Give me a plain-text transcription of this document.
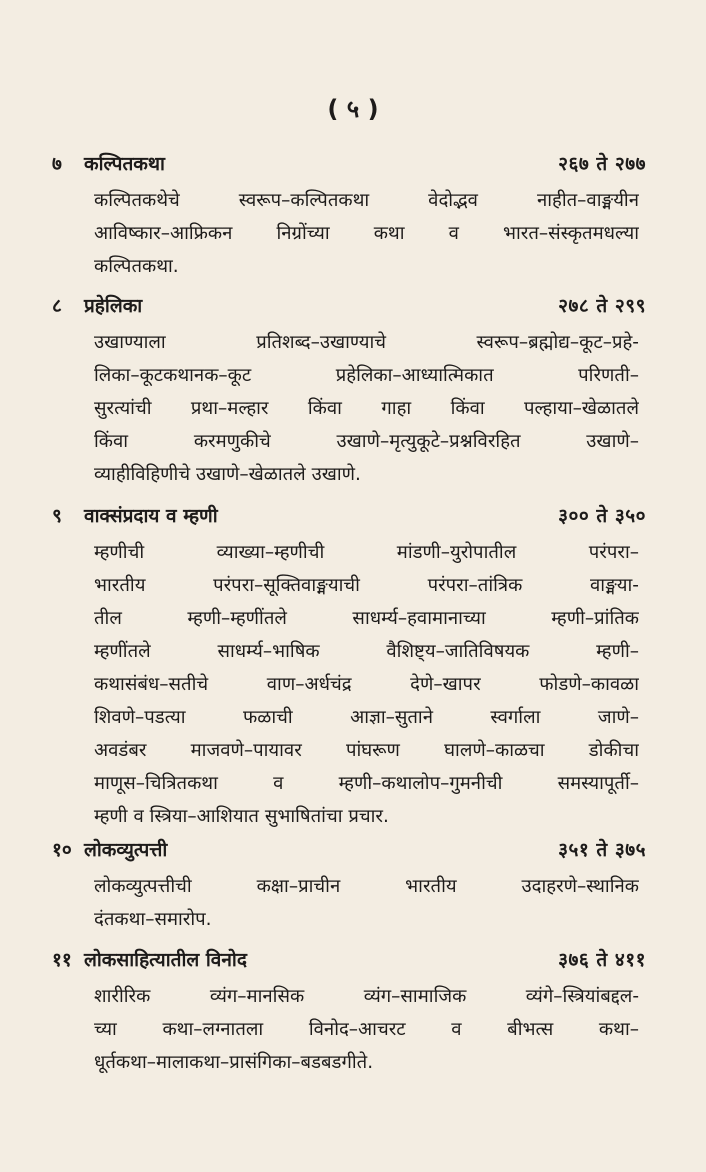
( ५ )
७ कल्पितकथा	२६७ ते २७७
कल्पितकथेचे स्वरूप–कल्पितकथा वेदोद्भव नाहीत–वाङ्मयीन
आविष्कार–आफ्रिकन निग्रोंच्या कथा व भारत–संस्कृतमधल्या
कल्पितकथा.
८ प्रहेलिका	२७८ ते २९९
उखाण्याला प्रतिशब्द–उखाण्याचे स्वरूप–ब्रह्मोद्य–कूट–प्रहे-
लिका–कूटकथानक–कूट प्रहेलिका–आध्यात्मिकात परिणती–
सुरत्यांची प्रथा–मल्हार किंवा गाहा किंवा पल्हाया–खेळातले
किंवा करमणुकीचे उखाणे–मृत्युकूटे–प्रश्नविरहित उखाणे–
व्याहीविहिणीचे उखाणे–खेळातले उखाणे.
९ वाक्संप्रदाय व म्हणी	३०० ते ३५०
म्हणीची व्याख्या–म्हणीची मांडणी–युरोपातील परंपरा–
भारतीय परंपरा–सूक्तिवाङ्मयाची परंपरा–तांत्रिक वाङ्मया-
तील म्हणी–म्हणींतले साधर्म्य–हवामानाच्या म्हणी–प्रांतिक
म्हणींतले साधर्म्य–भाषिक वैशिष्ट्य–जातिविषयक म्हणी–
कथासंबंध–सतीचे वाण–अर्धचंद्र देणे–खापर फोडणे–कावळा
शिवणे–पडत्या फळाची आज्ञा–सुताने स्वर्गाला जाणे–
अवडंबर माजवणे–पायावर पांघरूण घालणे–काळचा डोकीचा
माणूस–चित्रितकथा व म्हणी–कथालोप–गुमनीची समस्यापूर्ती–
म्हणी व स्त्रिया–आशियात सुभाषितांचा प्रचार.
१० लोकव्युत्पत्ती	३५१ ते ३७५
लोकव्युत्पत्तीची कक्षा–प्राचीन भारतीय उदाहरणे–स्थानिक
दंतकथा–समारोप.
११ लोकसाहित्यातील विनोद	३७६ ते ४११
शारीरिक व्यंग–मानसिक व्यंग–सामाजिक व्यंगे–स्त्रियांबद्दल-
च्या कथा–लग्नातला विनोद–आचरट व बीभत्स कथा–
धूर्तकथा–मालाकथा–प्रासंगिका–बडबडगीते.
